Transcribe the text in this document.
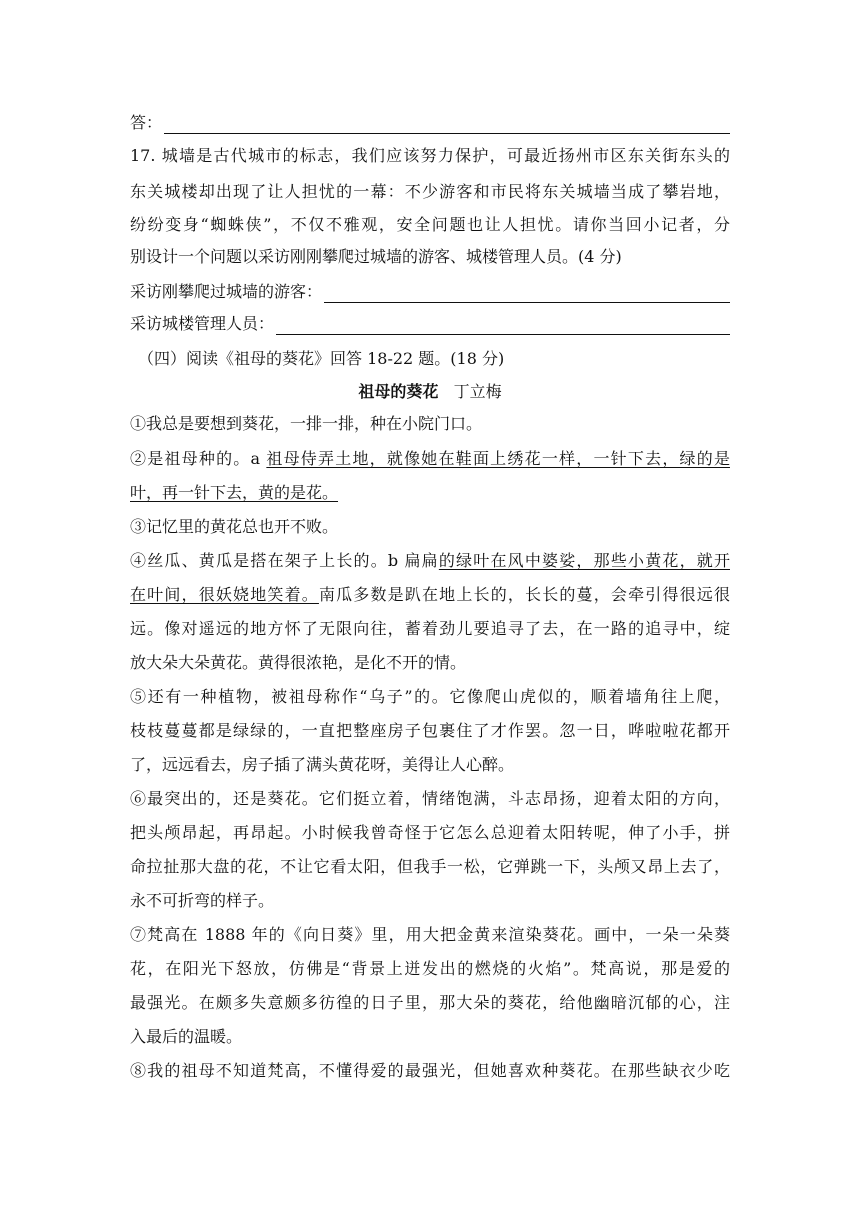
答：
17. 城墙是古代城市的标志，我们应该努力保护，可最近扬州市区东关街东头的
东关城楼却出现了让人担忧的一幕：不少游客和市民将东关城墙当成了攀岩地，
纷纷变身“蜘蛛侠”，不仅不雅观，安全问题也让人担忧。请你当回小记者，分
别设计一个问题以采访刚刚攀爬过城墙的游客、城楼管理人员。(4 分)
采访刚攀爬过城墙的游客：
采访城楼管理人员：
（四）阅读《祖母的葵花》回答 18-22 题。(18 分)
祖母的葵花 丁立梅
①我总是要想到葵花，一排一排，种在小院门口。
②是祖母种的。a 祖母侍弄土地，就像她在鞋面上绣花一样，一针下去，绿的是
叶，再一针下去，黄的是花。
③记忆里的黄花总也开不败。
④丝瓜、黄瓜是搭在架子上长的。b 扁扁的绿叶在风中婆娑，那些小黄花，就开
在叶间，很妖娆地笑着。南瓜多数是趴在地上长的，长长的蔓，会牵引得很远很
远。像对遥远的地方怀了无限向往，蓄着劲儿要追寻了去，在一路的追寻中，绽
放大朵大朵黄花。黄得很浓艳，是化不开的情。
⑤还有一种植物，被祖母称作“乌子”的。它像爬山虎似的，顺着墙角往上爬，
枝枝蔓蔓都是绿绿的，一直把整座房子包裹住了才作罢。忽一日，哗啦啦花都开
了，远远看去，房子插了满头黄花呀，美得让人心醉。
⑥最突出的，还是葵花。它们挺立着，情绪饱满，斗志昂扬，迎着太阳的方向，
把头颅昂起，再昂起。小时候我曾奇怪于它怎么总迎着太阳转呢，伸了小手，拼
命拉扯那大盘的花，不让它看太阳，但我手一松，它弹跳一下，头颅又昂上去了，
永不可折弯的样子。
⑦梵高在 1888 年的《向日葵》里，用大把金黄来渲染葵花。画中，一朵一朵葵
花，在阳光下怒放，仿佛是“背景上迸发出的燃烧的火焰”。梵高说，那是爱的
最强光。在颇多失意颇多彷徨的日子里，那大朵的葵花，给他幽暗沉郁的心，注
入最后的温暖。
⑧我的祖母不知道梵高，不懂得爱的最强光，但她喜欢种葵花。在那些缺衣少吃
